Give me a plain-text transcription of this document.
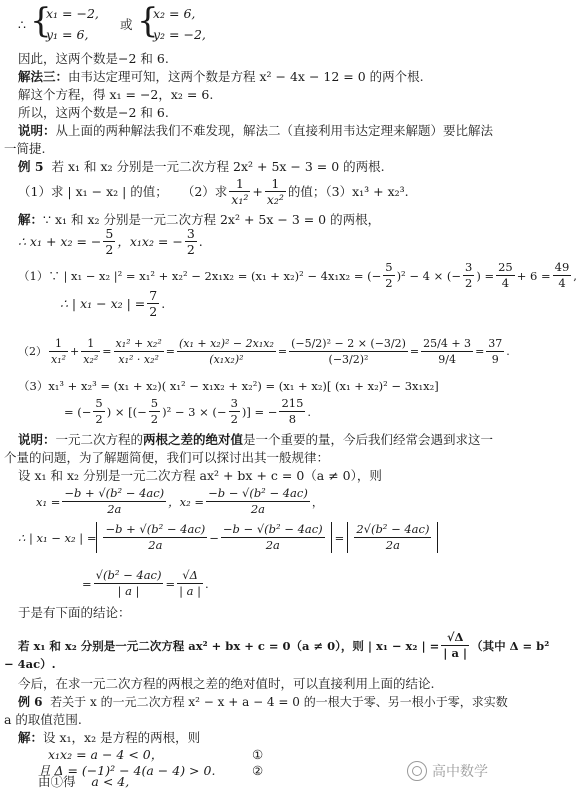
∴ {
x₁ = −2,
y₁ = 6,
或 {
x₂ = 6,
y₂ = −2,
因此，这两个数是−2 和 6.
解法三：由韦达定理可知，这两个数是方程 x² − 4x − 12 = 0 的两个根.
解这个方程，得 x₁ = −2，x₂ = 6.
所以，这两个数是−2 和 6.
说明：从上面的两种解法我们不难发现，解法二（直接利用韦达定理来解题）要比解法
一简捷.
例 5 若 x₁ 和 x₂ 分别是一元二次方程 2x² + 5x − 3 = 0 的两根.
（1）求 | x₁ − x₂ | 的值； （2）求 $\frac{1}{\text{x₁²}} + \frac{1}{\text{x₂²}}$ 的值；（3）x₁³ + x₂³.
解：∵ x₁ 和 x₂ 分别是一元二次方程 2x² + 5x − 3 = 0 的两根，
∴ x₁ + x₂ = − $\frac{5}{2}$ ，x₁x₂ = − $\frac{3}{2}$ .
（1）∵ | x₁ − x₂ |² = x₁² + x₂² − 2x₁x₂ = (x₁ + x₂)² − 4x₁x₂ = (− $\frac{5}{2} )^2 - 4$ × (− $\frac{3}{2}$ ) = $\frac{25}{4} + 6 = \frac{49}{4}$ ,
∴ | x₁ − x₂ | = $\frac{7}{2}$ .
$(2) \frac{1}{\text{x₁²}} + \frac{1}{\text{x₂²}} = \frac{\text{x₁² + x₂²}}{\text{x₁² · x₂²}} = \frac{\text{(x₁ + x₂)² − 2x₁x₂}}{\text{(x₁x₂)²}} = \frac{\text{(−5/2)² − 2 × (−3/2)}}{\text{(−3/2)²}} = \frac{25/4 + 3}{9/4} = \frac{37}{9}$ .
（3）x₁³ + x₂³ = (x₁ + x₂)( x₁² − x₁x₂ + x₂²) = (x₁ + x₂)[ (x₁ + x₂)² − 3x₁x₂]
= (− $\frac{5}{2}$ ) × [(− $\frac{5}{2} )^2 - 3$ × (− $\frac{3}{2}$ )] = − $\frac{215}{8}$ .
说明：一元二次方程的两根之差的绝对值是一个重要的量，今后我们经常会遇到求这一
个量的问题，为了解题简便，我们可以探讨出其一般规律：
设 x₁ 和 x₂ 分别是一元二次方程 ax² + bx + c = 0（a ≠ 0），则
$x_1 = \frac{\text{−b + √(b² − 4ac)}}{2a}$ ，$x_2 = \frac{\text{−b − √(b² − 4ac)}}{2a}$ ，
∴ | x₁ − x₂ | = $\frac{\text{−b + √(b² − 4ac)}}{2a} - \frac{\text{−b − √(b² − 4ac)}}{2a} = \frac{\text{2√(b² − 4ac)}}{2a}$
= $\frac{\text{√(b² − 4ac)}}{| a |} = \frac{√\Delta}{| a |}$ .
于是有下面的结论：
若 x₁ 和 x₂ 分别是一元二次方程 ax² + bx + c = 0（a ≠ 0），则 | x₁ − x₂ | = $\frac{√\Delta}{| a |}$ （其中 Δ = b²
− 4ac）.
今后，在求一元二次方程的两根之差的绝对值时，可以直接利用上面的结论.
例 6 若关于 x 的一元二次方程 x² − x + a − 4 = 0 的一根大于零、另一根小于零，求实数
a 的取值范围.
解：设 x₁，x₂ 是方程的两根，则
x₁x₂ = a − 4 < 0，	①
且 Δ = (−1)² − 4(a − 4) > 0.	②
由①得 a < 4,
高中数学
